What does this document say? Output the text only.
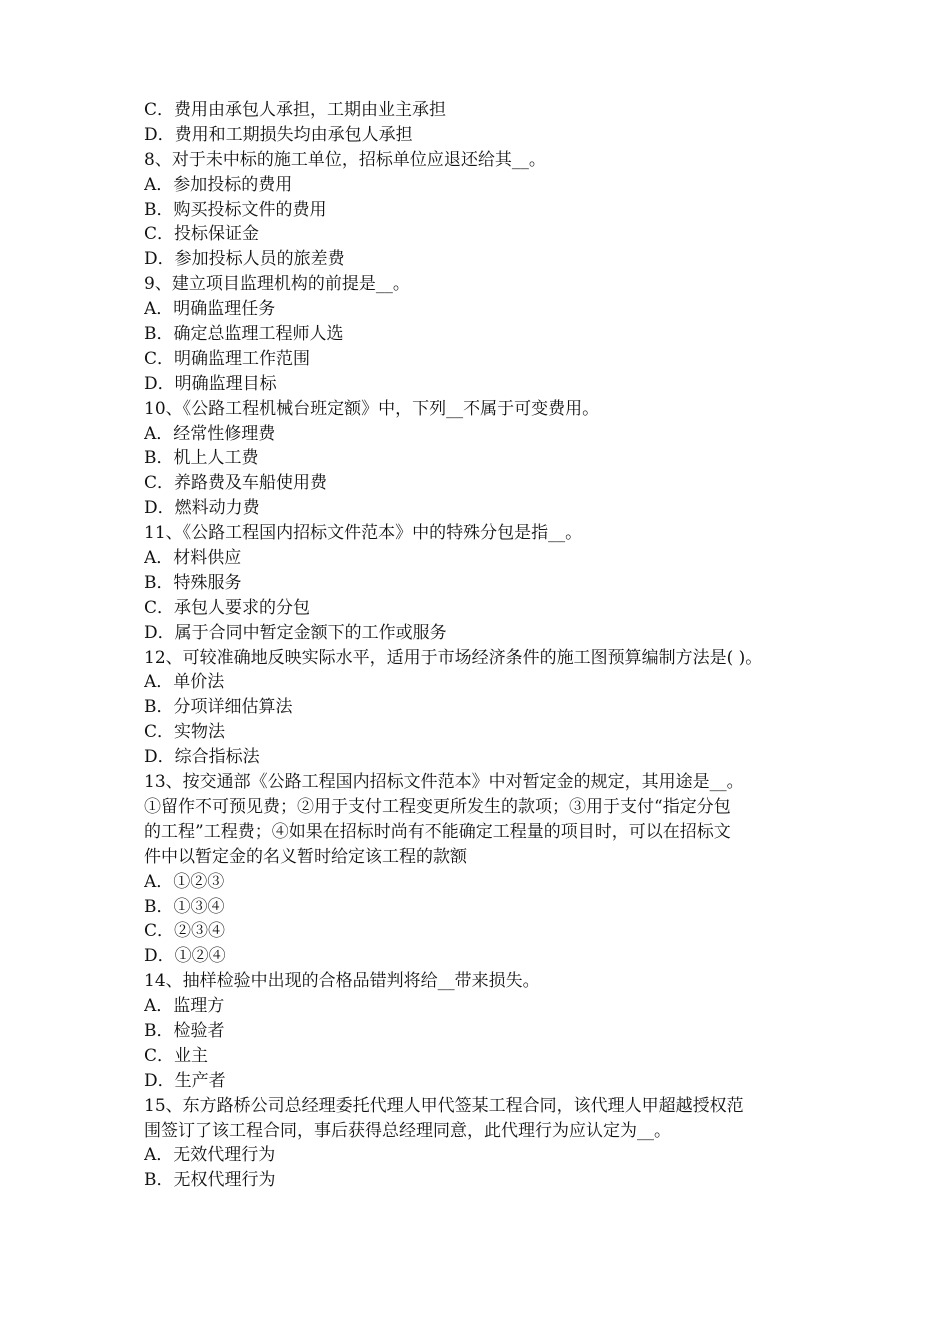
C．费用由承包人承担，工期由业主承担
D．费用和工期损失均由承包人承担
8、对于未中标的施工单位，招标单位应退还给其__。
A．参加投标的费用
B．购买投标文件的费用
C．投标保证金
D．参加投标人员的旅差费
9、建立项目监理机构的前提是__。
A．明确监理任务
B．确定总监理工程师人选
C．明确监理工作范围
D．明确监理目标
10、《公路工程机械台班定额》中，下列__不属于可变费用。
A．经常性修理费
B．机上人工费
C．养路费及车船使用费
D．燃料动力费
11、《公路工程国内招标文件范本》中的特殊分包是指__。
A．材料供应
B．特殊服务
C．承包人要求的分包
D．属于合同中暂定金额下的工作或服务
12、可较准确地反映实际水平，适用于市场经济条件的施工图预算编制方法是( )。
A．单价法
B．分项详细估算法
C．实物法
D．综合指标法
13、按交通部《公路工程国内招标文件范本》中对暂定金的规定，其用途是__。
①留作不可预见费；②用于支付工程变更所发生的款项；③用于支付“指定分包
的工程”工程费；④如果在招标时尚有不能确定工程量的项目时，可以在招标文
件中以暂定金的名义暂时给定该工程的款额
A．①②③
B．①③④
C．②③④
D．①②④
14、抽样检验中出现的合格品错判将给__带来损失。
A．监理方
B．检验者
C．业主
D．生产者
15、东方路桥公司总经理委托代理人甲代签某工程合同，该代理人甲超越授权范
围签订了该工程合同，事后获得总经理同意，此代理行为应认定为__。
A．无效代理行为
B．无权代理行为
